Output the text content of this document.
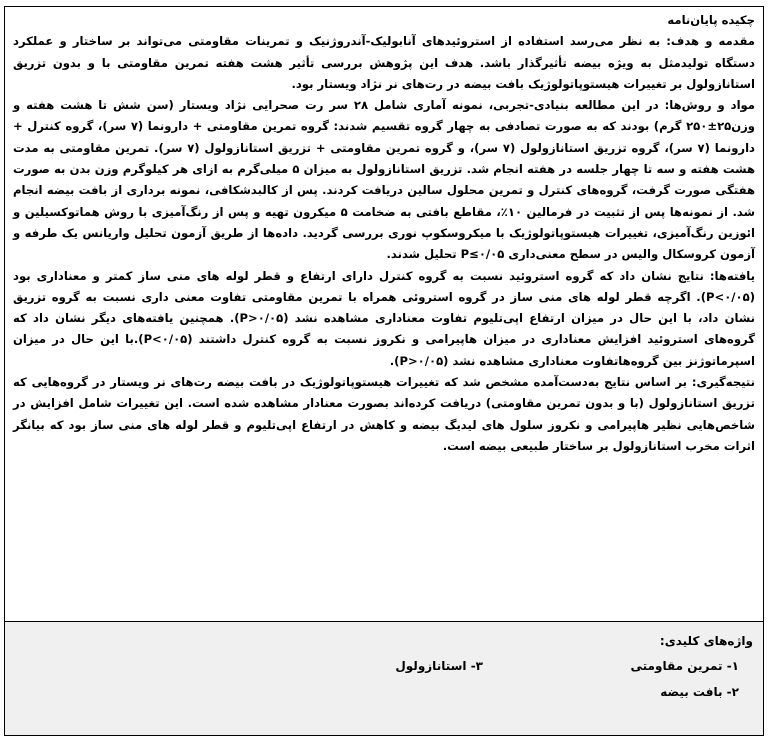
چکیده پایان‌نامه

مقدمه و هدف: به نظر می‌رسد استفاده از استروئیدهای آنابولیک-آندروژنیک و تمرینات مقاومتی می‌تواند بر ساختار و عملکرد دستگاه تولیدمثل به ویژه بیضه تأثیرگذار باشد. هدف این پژوهش بررسی تأثیر هشت هفته تمرین مقاومتی با و بدون تزریق استانازولول بر تغییرات هیستوپاتولوژیک بافت بیضه در رت‌های نر نژاد ویستار بود.

مواد و روش‌ها: در این مطالعه بنیادی-تجربی، نمونه آماری شامل ۲۸ سر رت صحرایی نژاد ویستار (سن شش تا هشت هفته و وزن۲۵±۲۵۰ گرم) بودند که به صورت تصادفی به چهار گروه تقسیم شدند: گروه تمرین مقاومتی + دارونما (۷ سر)، گروه کنترل + دارونما (۷ سر)، گروه تزریق استانازولول (۷ سر)، و گروه تمرین مقاومتی + تزریق استانازولول (۷ سر). تمرین مقاومتی به مدت هشت هفته و سه تا چهار جلسه در هفته انجام شد. تزریق استانازولول به میزان ۵ میلی‌گرم به ازای هر کیلوگرم وزن بدن به صورت هفتگی صورت گرفت، گروه‌های کنترل و تمرین محلول سالین دریافت کردند. پس از کالبدشکافی، نمونه برداری از بافت بیضه انجام شد. از نمونه‌ها پس از تثبیت در فرمالین ۱۰٪، مقاطع بافتی به ضخامت ۵ میکرون تهیه و پس از رنگ‌آمیزی با روش هماتوکسیلین و ائوزین رنگ‌آمیزی، تغییرات هیستوپاتولوژیک با میکروسکوپ نوری بررسی گردید. داده‌ها از طریق آزمون تحلیل واریانس یک طرفه و آزمون کروسکال والیس در سطح معنی‌داری P≤۰/۰۵ تحلیل شدند.

یافته‌ها: نتایج نشان داد که گروه استروئید نسبت به گروه کنترل دارای ارتفاع و قطر لوله های منی ساز کمتر و معناداری بود (P<۰/۰۵). اگرچه قطر لوله های منی ساز در گروه استروئی همراه با تمرین مقاومتی تفاوت معنی داری نسبت به گروه تزریق نشان داد، با این حال در میزان ارتفاع اپی‌تلیوم تفاوت معناداری مشاهده نشد (P>۰/۰۵). همچنین یافته‌های دیگر نشان داد که گروه‌های استروئید افزایش معناداری در میزان هاپیرامی و نکروز نسبت به گروه کنترل داشتند (P<۰/۰۵).با این حال در میزان اسپرماتوژنز بین گروه‌هاتفاوت معناداری مشاهده نشد (P>۰/۰۵).

نتیجه‌گیری: بر اساس نتایج به‌دست‌آمده مشخص شد که تغییرات هیستوپاتولوژیک در بافت بیضه رت‌های نر ویستار در گروه‌هایی که تزریق استانازولول (با و بدون تمرین مقاومتی) دریافت کرده‌اند بصورت معنادار مشاهده شده است. این تغییرات شامل افزایش در شاخص‌هایی نظیر هاپیرامی و نکروز سلول های لیدیگ بیضه و کاهش در ارتفاع اپی‌تلیوم و قطر لوله های منی ساز بود که بیانگر اثرات مخرب استانازولول بر ساختار طبیعی بیضه است.

واژه‌های کلیدی:
۱- تمرین مقاومتی
۲- بافت بیضه
۳- استانازولول
